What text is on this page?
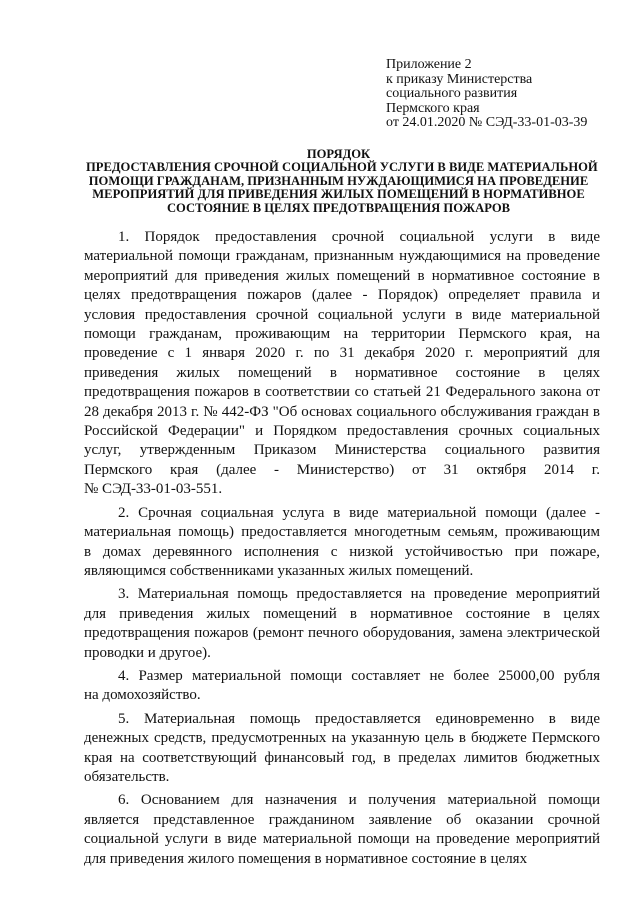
Приложение 2
к приказу Министерства
социального развития
Пермского края
от 24.01.2020 № СЭД-33-01-03-39
ПОРЯДОК
ПРЕДОСТАВЛЕНИЯ СРОЧНОЙ СОЦИАЛЬНОЙ УСЛУГИ В ВИДЕ МАТЕРИАЛЬНОЙ
ПОМОЩИ ГРАЖДАНАМ, ПРИЗНАННЫМ НУЖДАЮЩИМИСЯ НА ПРОВЕДЕНИЕ
МЕРОПРИЯТИЙ ДЛЯ ПРИВЕДЕНИЯ ЖИЛЫХ ПОМЕЩЕНИЙ В НОРМАТИВНОЕ
СОСТОЯНИЕ В ЦЕЛЯХ ПРЕДОТВРАЩЕНИЯ ПОЖАРОВ
1. Порядок предоставления срочной социальной услуги в виде
материальной помощи гражданам, признанным нуждающимися на проведение
мероприятий для приведения жилых помещений в нормативное состояние в
целях предотвращения пожаров (далее - Порядок) определяет правила и
условия предоставления срочной социальной услуги в виде материальной
помощи гражданам, проживающим на территории Пермского края, на
проведение с 1 января 2020 г. по 31 декабря 2020 г. мероприятий для
приведения жилых помещений в нормативное состояние в целях
предотвращения пожаров в соответствии со статьей 21 Федерального закона от
28 декабря 2013 г. № 442-ФЗ "Об основах социального обслуживания граждан в
Российской Федерации" и Порядком предоставления срочных социальных
услуг, утвержденным Приказом Министерства социального развития
Пермского края (далее - Министерство) от 31 октября 2014 г.
№ СЭД-33-01-03-551.
2. Срочная социальная услуга в виде материальной помощи (далее -
материальная помощь) предоставляется многодетным семьям, проживающим
в домах деревянного исполнения с низкой устойчивостью при пожаре,
являющимся собственниками указанных жилых помещений.
3. Материальная помощь предоставляется на проведение мероприятий
для приведения жилых помещений в нормативное состояние в целях
предотвращения пожаров (ремонт печного оборудования, замена электрической
проводки и другое).
4. Размер материальной помощи составляет не более 25000,00 рубля
на домохозяйство.
5. Материальная помощь предоставляется единовременно в виде
денежных средств, предусмотренных на указанную цель в бюджете Пермского
края на соответствующий финансовый год, в пределах лимитов бюджетных
обязательств.
6. Основанием для назначения и получения материальной помощи
является представленное гражданином заявление об оказании срочной
социальной услуги в виде материальной помощи на проведение мероприятий
для приведения жилого помещения в нормативное состояние в целях
